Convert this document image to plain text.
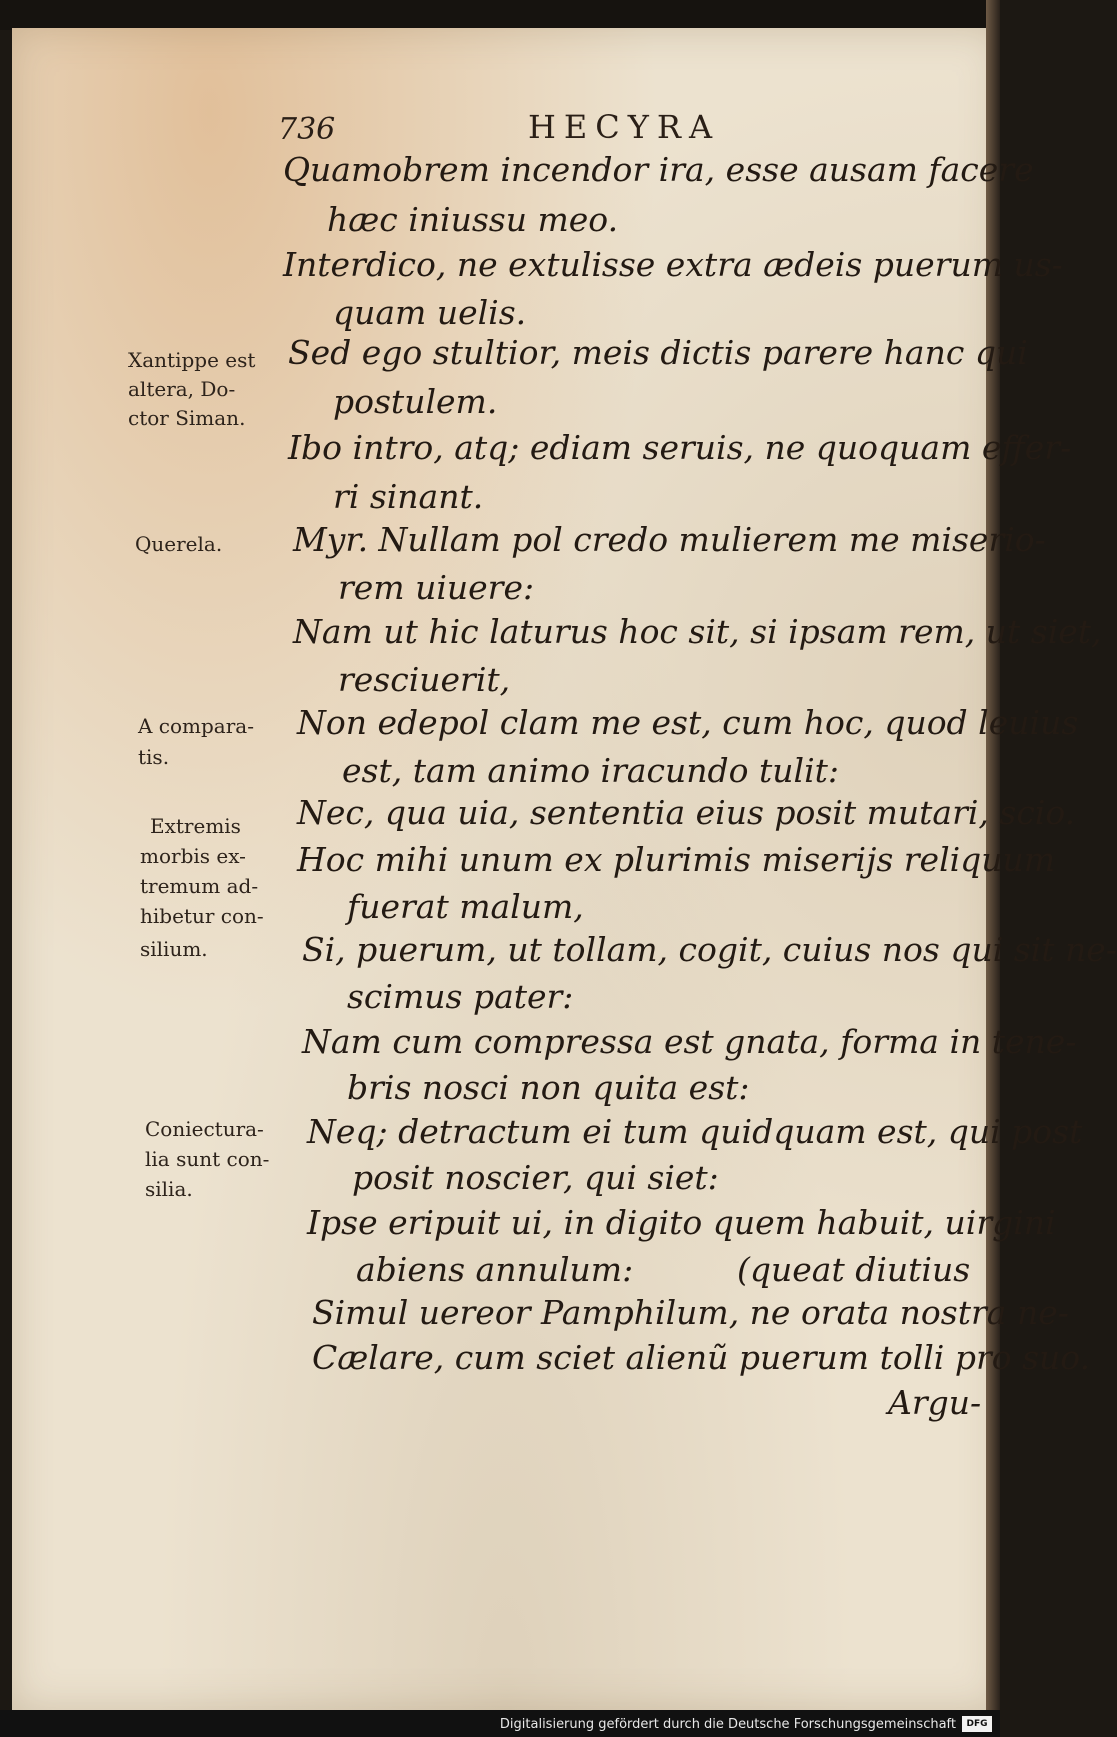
736	HECYRA
Quamobrem incendor ira, esse ausam facere
hæc iniussu meo.
Interdico, ne extulisse extra ædeis puerum us-
quam uelis.
Sed ego stultior, meis dictis parere hanc qui
postulem.
Ibo intro, atq; ediam seruis, ne quoquam effer-
ri sinant.
Myr. Nullam pol credo mulierem me miserio-
rem uiuere:
Nam ut hic laturus hoc sit, si ipsam rem, ut siet,
resciuerit,
Non edepol clam me est, cum hoc, quod leuius
est, tam animo iracundo tulit:
Nec, qua uia, sententia eius posit mutari, scio.
Hoc mihi unum ex plurimis miserijs reliquum
fuerat malum,
Si, puerum, ut tollam, cogit, cuius nos qui sit ne-
scimus pater:
Nam cum compressa est gnata, forma in tene-
bris nosci non quita est:
Neq; detractum ei tum quidquam est, qui post
posit noscier, qui siet:
Ipse eripuit ui, in digito quem habuit, uirgini
abiens annulum:	(queat diutius
Simul uereor Pamphilum, ne orata nostra ne-
Cælare, cum sciet alienũ puerum tolli pro suo.
Argu-
Xantippe est
altera, Do-
ctor Siman.
Querela.
A compara-
tis.
Extremis
morbis ex-
tremum ad-
hibetur con-
silium.
Coniectura-
lia sunt con-
silia.
Digitalisierung gefördert durch die Deutsche Forschungsgemeinschaft	DFG
